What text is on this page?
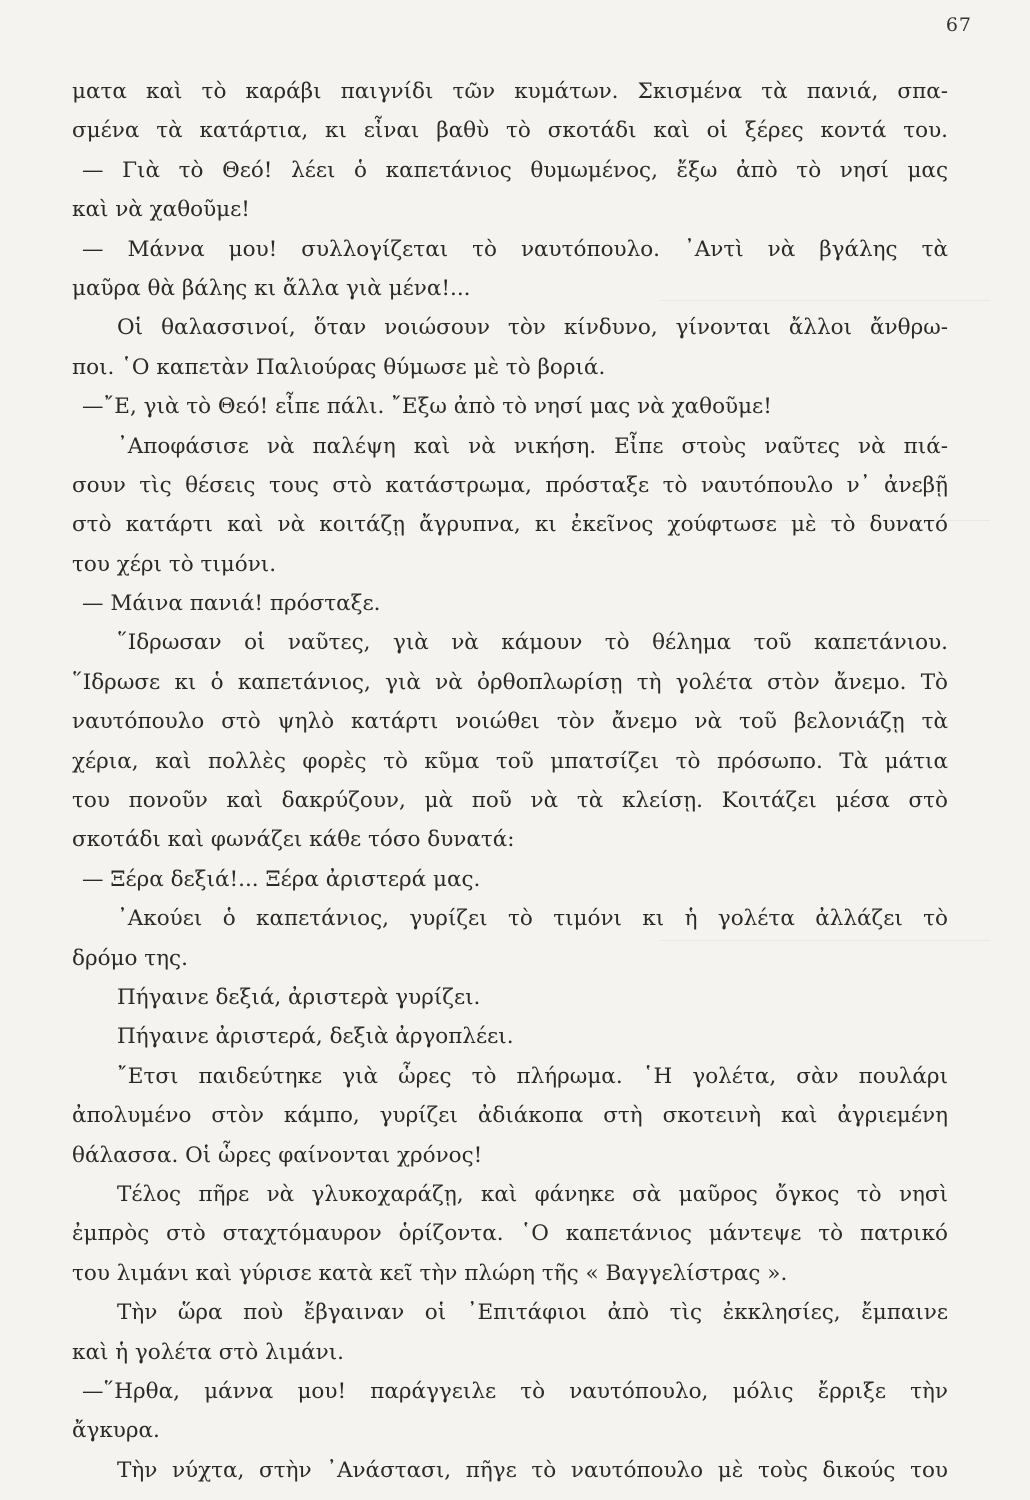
67
ματα καὶ τὸ καράβι παιγνίδι τῶν κυμάτων. Σκισμένα τὰ πανιά, σπα-
σμένα τὰ κατάρτια, κι εἶναι βαθὺ τὸ σκοτάδι καὶ οἱ ξέρες κοντά του.
— Γιὰ τὸ Θεό! λέει ὁ καπετάνιος θυμωμένος, ἔξω ἀπὸ τὸ νησί μας
καὶ νὰ χαθοῦμε!
— Μάννα μου! συλλογίζεται τὸ ναυτόπουλο. ᾿Αντὶ νὰ βγάλης τὰ
μαῦρα θὰ βάλης κι ἄλλα γιὰ μένα!...
Οἱ θαλασσινοί, ὅταν νοιώσουν τὸν κίνδυνο, γίνονται ἄλλοι ἄνθρω-
ποι. ῾Ο καπετὰν Παλιούρας θύμωσε μὲ τὸ βοριά.
—῎Ε, γιὰ τὸ Θεό! εἶπε πάλι. ῎Εξω ἀπὸ τὸ νησί μας νὰ χαθοῦμε!
᾿Αποφάσισε νὰ παλέψη καὶ νὰ νικήση. Εἶπε στοὺς ναῦτες νὰ πιά-
σουν τὶς θέσεις τους στὸ κατάστρωμα, πρόσταξε τὸ ναυτόπουλο ν᾿ ἀνεβῇ
στὸ κατάρτι καὶ νὰ κοιτάζῃ ἄγρυπνα, κι ἐκεῖνος χούφτωσε μὲ τὸ δυνατό
του χέρι τὸ τιμόνι.
— Μάινα πανιά! πρόσταξε.
῞Ιδρωσαν οἱ ναῦτες, γιὰ νὰ κάμουν τὸ θέλημα τοῦ καπετάνιου.
῞Ιδρωσε κι ὁ καπετάνιος, γιὰ νὰ ὀρθοπλωρίσῃ τὴ γολέτα στὸν ἄνεμο. Τὸ
ναυτόπουλο στὸ ψηλὸ κατάρτι νοιώθει τὸν ἄνεμο νὰ τοῦ βελονιάζῃ τὰ
χέρια, καὶ πολλὲς φορὲς τὸ κῦμα τοῦ μπατσίζει τὸ πρόσωπο. Τὰ μάτια
του πονοῦν καὶ δακρύζουν, μὰ ποῦ νὰ τὰ κλείσῃ. Κοιτάζει μέσα στὸ
σκοτάδι καὶ φωνάζει κάθε τόσο δυνατά:
— Ξέρα δεξιά!... Ξέρα ἀριστερά μας.
᾿Ακούει ὁ καπετάνιος, γυρίζει τὸ τιμόνι κι ἡ γολέτα ἀλλάζει τὸ
δρόμο της.
Πήγαινε δεξιά, ἀριστερὰ γυρίζει.
Πήγαινε ἀριστερά, δεξιὰ ἀργοπλέει.
῎Ετσι παιδεύτηκε γιὰ ὧρες τὸ πλήρωμα. ῾Η γολέτα, σὰν πουλάρι
ἀπολυμένο στὸν κάμπο, γυρίζει ἀδιάκοπα στὴ σκοτεινὴ καὶ ἀγριεμένη
θάλασσα. Οἱ ὧρες φαίνονται χρόνος!
Τέλος πῆρε νὰ γλυκοχαράζῃ, καὶ φάνηκε σὰ μαῦρος ὄγκος τὸ νησὶ
ἐμπρὸς στὸ σταχτόμαυρον ὁρίζοντα. ῾Ο καπετάνιος μάντεψε τὸ πατρικό
του λιμάνι καὶ γύρισε κατὰ κεῖ τὴν πλώρη τῆς « Βαγγελίστρας ».
Τὴν ὥρα ποὺ ἔβγαιναν οἱ ᾿Επιτάφιοι ἀπὸ τὶς ἐκκλησίες, ἔμπαινε
καὶ ἡ γολέτα στὸ λιμάνι.
—῞Ηρθα, μάννα μου! παράγγειλε τὸ ναυτόπουλο, μόλις ἔρριξε τὴν
ἄγκυρα.
Τὴν νύχτα, στὴν ᾿Ανάστασι, πῆγε τὸ ναυτόπουλο μὲ τοὺς δικούς του
